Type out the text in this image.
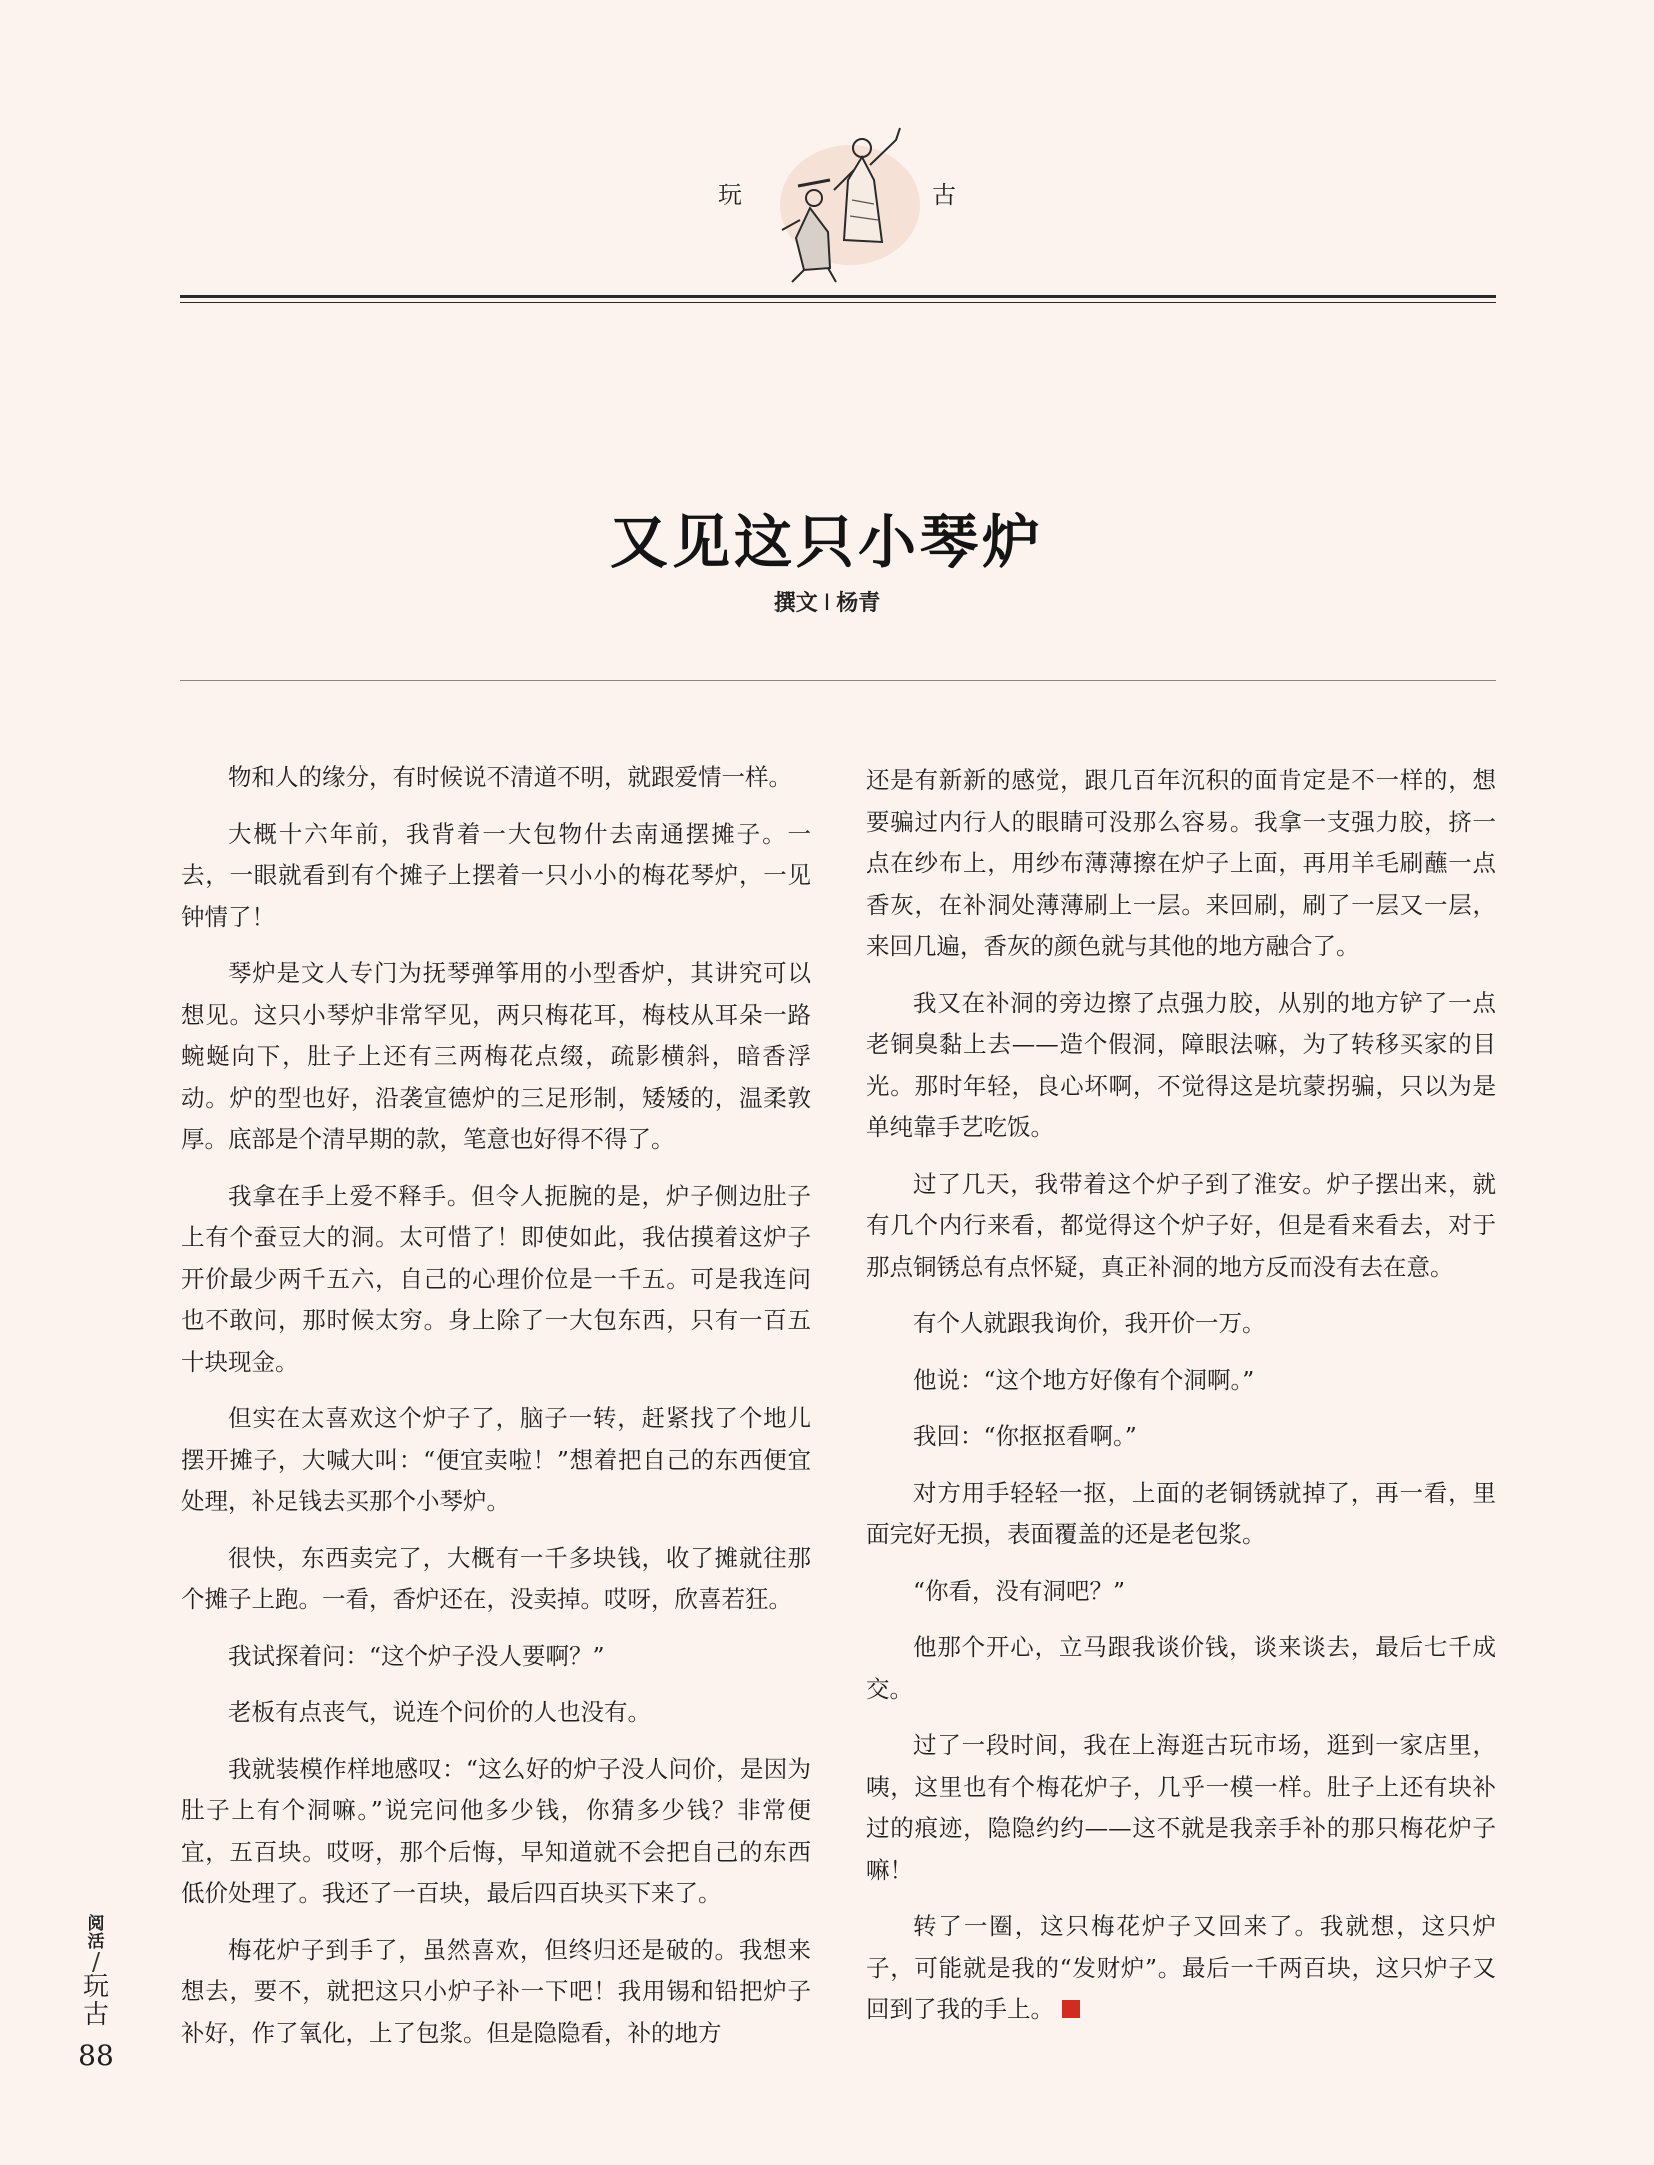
玩	古
又见这只小琴炉
撰文 I 杨青

物和人的缘分，有时候说不清道不明，就跟爱情一样。

大概十六年前，我背着一大包物什去南通摆摊子。一去，一眼就看到有个摊子上摆着一只小小的梅花琴炉，一见钟情了！

琴炉是文人专门为抚琴弹筝用的小型香炉，其讲究可以想见。这只小琴炉非常罕见，两只梅花耳，梅枝从耳朵一路蜿蜒向下，肚子上还有三两梅花点缀，疏影横斜，暗香浮动。炉的型也好，沿袭宣德炉的三足形制，矮矮的，温柔敦厚。底部是个清早期的款，笔意也好得不得了。

我拿在手上爱不释手。但令人扼腕的是，炉子侧边肚子上有个蚕豆大的洞。太可惜了！即使如此，我估摸着这炉子开价最少两千五六，自己的心理价位是一千五。可是我连问也不敢问，那时候太穷。身上除了一大包东西，只有一百五十块现金。

但实在太喜欢这个炉子了，脑子一转，赶紧找了个地儿摆开摊子，大喊大叫：“便宜卖啦！”想着把自己的东西便宜处理，补足钱去买那个小琴炉。

很快，东西卖完了，大概有一千多块钱，收了摊就往那个摊子上跑。一看，香炉还在，没卖掉。哎呀，欣喜若狂。

我试探着问：“这个炉子没人要啊？”

老板有点丧气，说连个问价的人也没有。

我就装模作样地感叹：“这么好的炉子没人问价，是因为肚子上有个洞嘛。”说完问他多少钱，你猜多少钱？非常便宜，五百块。哎呀，那个后悔，早知道就不会把自己的东西低价处理了。我还了一百块，最后四百块买下来了。

梅花炉子到手了，虽然喜欢，但终归还是破的。我想来想去，要不，就把这只小炉子补一下吧！我用锡和铅把炉子补好，作了氧化，上了包浆。但是隐隐看，补的地方

还是有新新的感觉，跟几百年沉积的面肯定是不一样的，想要骗过内行人的眼睛可没那么容易。我拿一支强力胶，挤一点在纱布上，用纱布薄薄擦在炉子上面，再用羊毛刷蘸一点香灰，在补洞处薄薄刷上一层。来回刷，刷了一层又一层，来回几遍，香灰的颜色就与其他的地方融合了。

我又在补洞的旁边擦了点强力胶，从别的地方铲了一点老铜臭黏上去——造个假洞，障眼法嘛，为了转移买家的目光。那时年轻，良心坏啊，不觉得这是坑蒙拐骗，只以为是单纯靠手艺吃饭。

过了几天，我带着这个炉子到了淮安。炉子摆出来，就有几个内行来看，都觉得这个炉子好，但是看来看去，对于那点铜锈总有点怀疑，真正补洞的地方反而没有去在意。

有个人就跟我询价，我开价一万。

他说：“这个地方好像有个洞啊。”

我回：“你抠抠看啊。”

对方用手轻轻一抠，上面的老铜锈就掉了，再一看，里面完好无损，表面覆盖的还是老包浆。

“你看，没有洞吧？”

他那个开心，立马跟我谈价钱，谈来谈去，最后七千成交。

过了一段时间，我在上海逛古玩市场，逛到一家店里，咦，这里也有个梅花炉子，几乎一模一样。肚子上还有块补过的痕迹，隐隐约约——这不就是我亲手补的那只梅花炉子嘛！

转了一圈，这只梅花炉子又回来了。我就想，这只炉子，可能就是我的“发财炉”。最后一千两百块，这只炉子又回到了我的手上。

阅活
/
玩古
88
